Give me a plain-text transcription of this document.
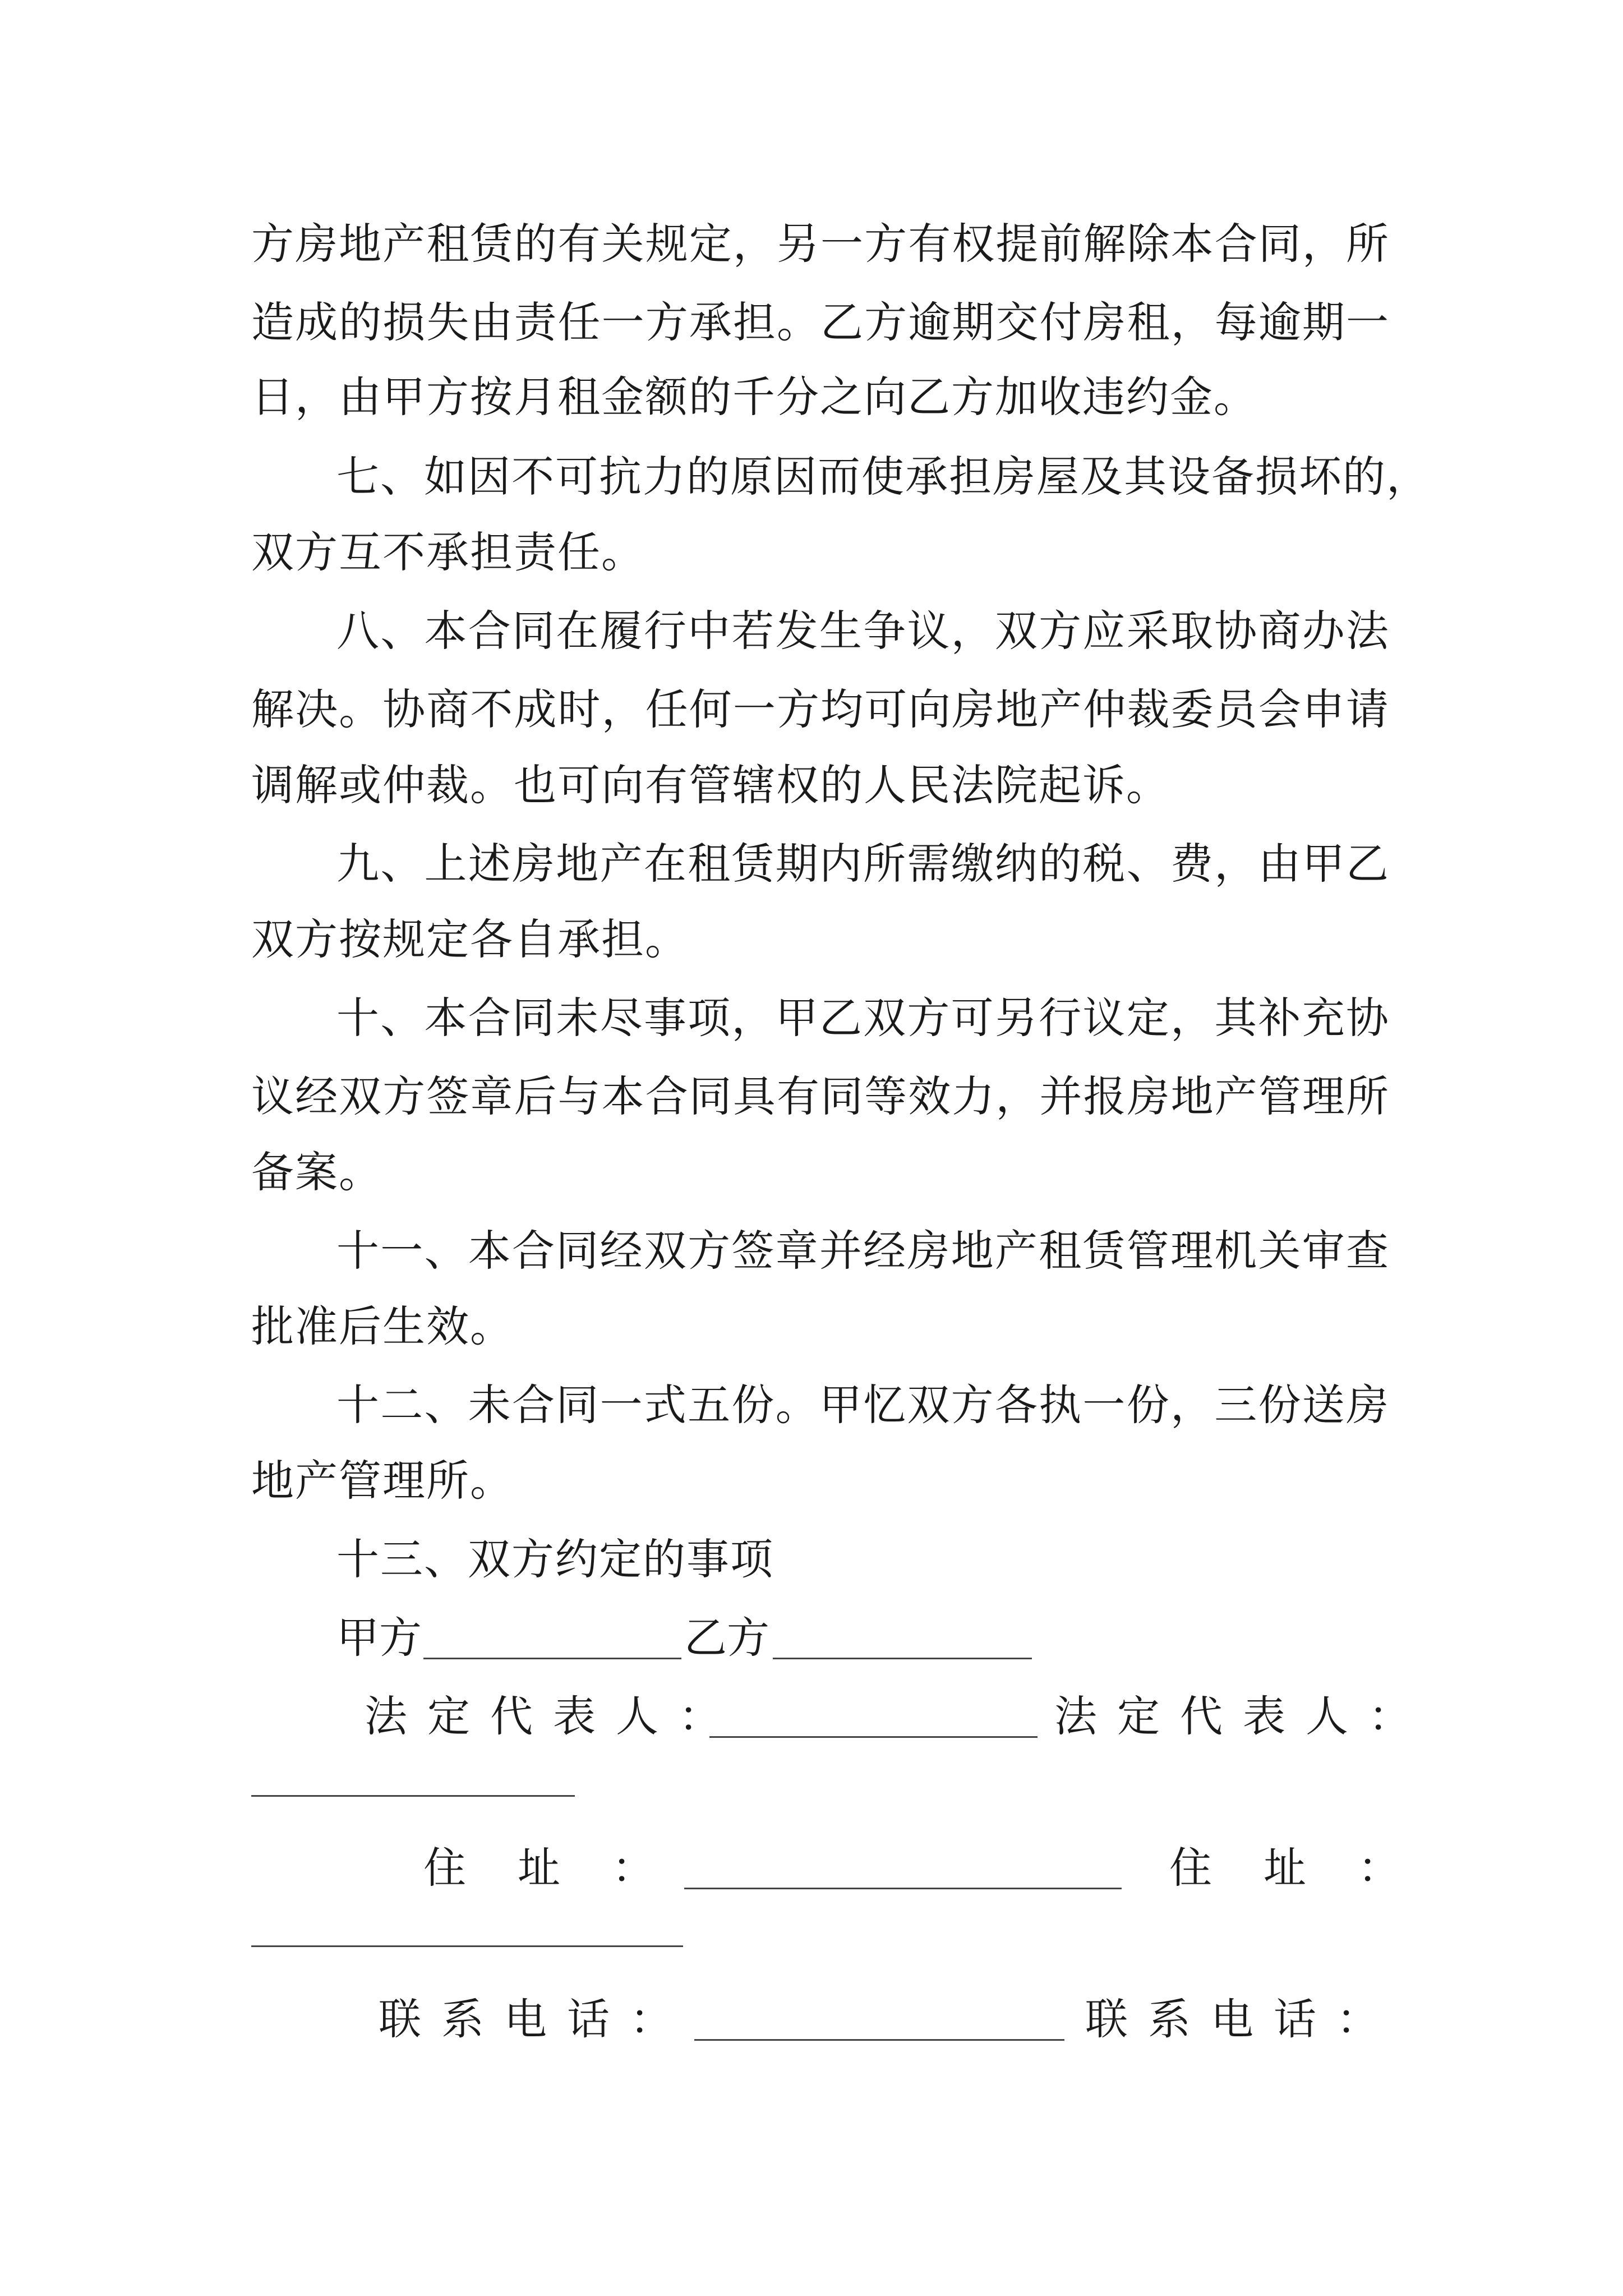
方房地产租赁的有关规定，另一方有权提前解除本合同，所
造成的损失由责任一方承担。乙方逾期交付房租，每逾期一
日，由甲方按月租金额的千分之向乙方加收违约金。
七、如因不可抗力的原因而使承担房屋及其设备损坏的，
双方互不承担责任。
八、本合同在履行中若发生争议，双方应采取协商办法
解决。协商不成时，任何一方均可向房地产仲裁委员会申请
调解或仲裁。也可向有管辖权的人民法院起诉。
九、上述房地产在租赁期内所需缴纳的税、费，由甲乙
双方按规定各自承担。
十、本合同未尽事项，甲乙双方可另行议定，其补充协
议经双方签章后与本合同具有同等效力，并报房地产管理所
备案。
十一、本合同经双方签章并经房地产租赁管理机关审查
批准后生效。
十二、未合同一式五份。甲忆双方各执一份，三份送房
地产管理所。
十三、双方约定的事项
甲方	乙方
法定代表人：	法定代表人：
住址：	住址：
联系电话：	联系电话：
